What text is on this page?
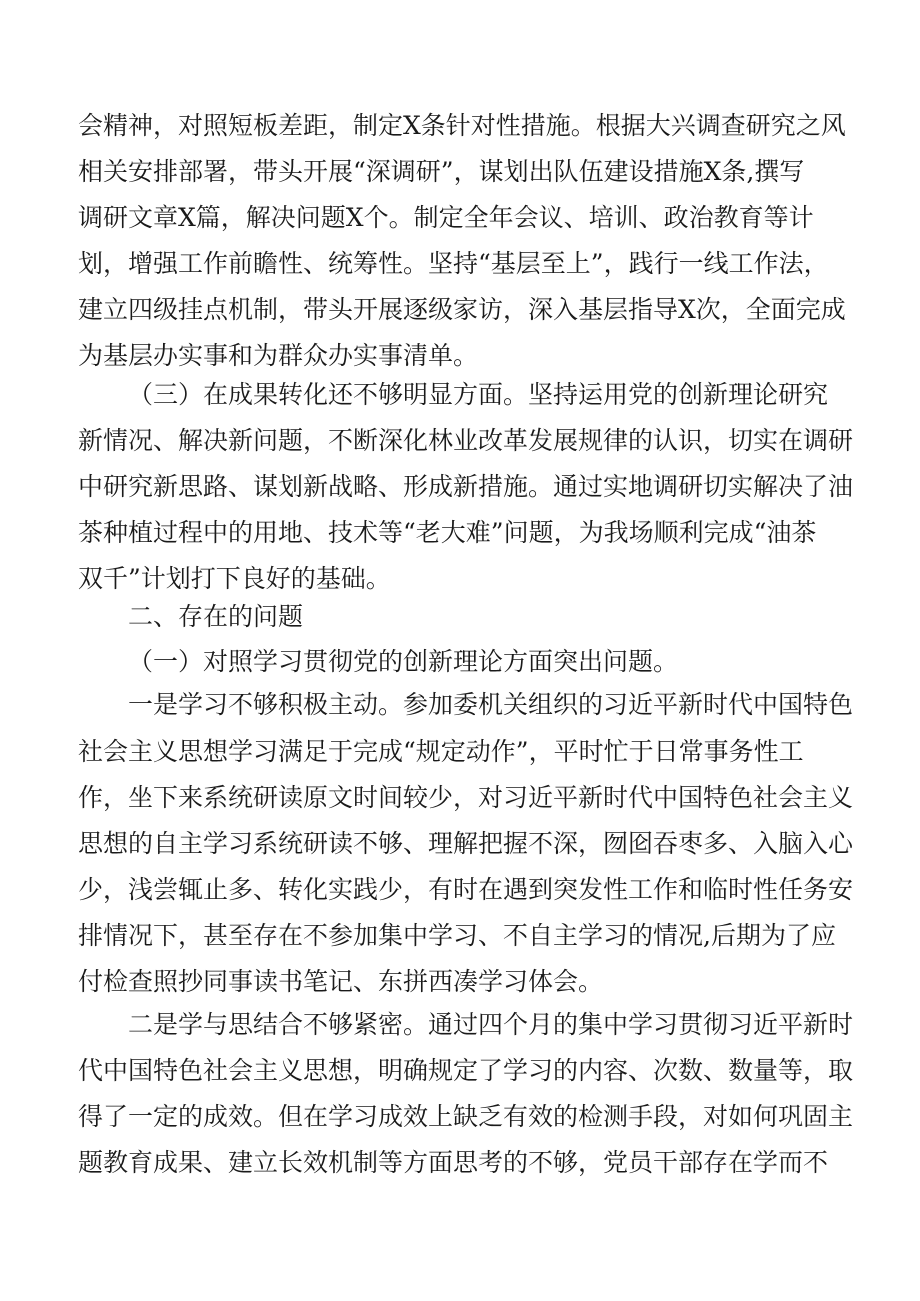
会精神，对照短板差距，制定X条针对性措施。根据大兴调查研究之风
相关安排部署，带头开展“深调研”，谋划出队伍建设措施X条,撰写
调研文章X篇，解决问题X个。制定全年会议、培训、政治教育等计
划，增强工作前瞻性、统筹性。坚持“基层至上”，践行一线工作法，
建立四级挂点机制，带头开展逐级家访，深入基层指导X次，全面完成
为基层办实事和为群众办实事清单。
（三）在成果转化还不够明显方面。坚持运用党的创新理论研究
新情况、解决新问题，不断深化林业改革发展规律的认识，切实在调研
中研究新思路、谋划新战略、形成新措施。通过实地调研切实解决了油
茶种植过程中的用地、技术等“老大难”问题，为我场顺利完成“油茶
双千”计划打下良好的基础。
二、存在的问题
（一）对照学习贯彻党的创新理论方面突出问题。
一是学习不够积极主动。参加委机关组织的习近平新时代中国特色
社会主义思想学习满足于完成“规定动作”，平时忙于日常事务性工
作，坐下来系统研读原文时间较少，对习近平新时代中国特色社会主义
思想的自主学习系统研读不够、理解把握不深，囫囵吞枣多、入脑入心
少，浅尝辄止多、转化实践少，有时在遇到突发性工作和临时性任务安
排情况下，甚至存在不参加集中学习、不自主学习的情况,后期为了应
付检查照抄同事读书笔记、东拼西凑学习体会。
二是学与思结合不够紧密。通过四个月的集中学习贯彻习近平新时
代中国特色社会主义思想，明确规定了学习的内容、次数、数量等，取
得了一定的成效。但在学习成效上缺乏有效的检测手段，对如何巩固主
题教育成果、建立长效机制等方面思考的不够，党员干部存在学而不
